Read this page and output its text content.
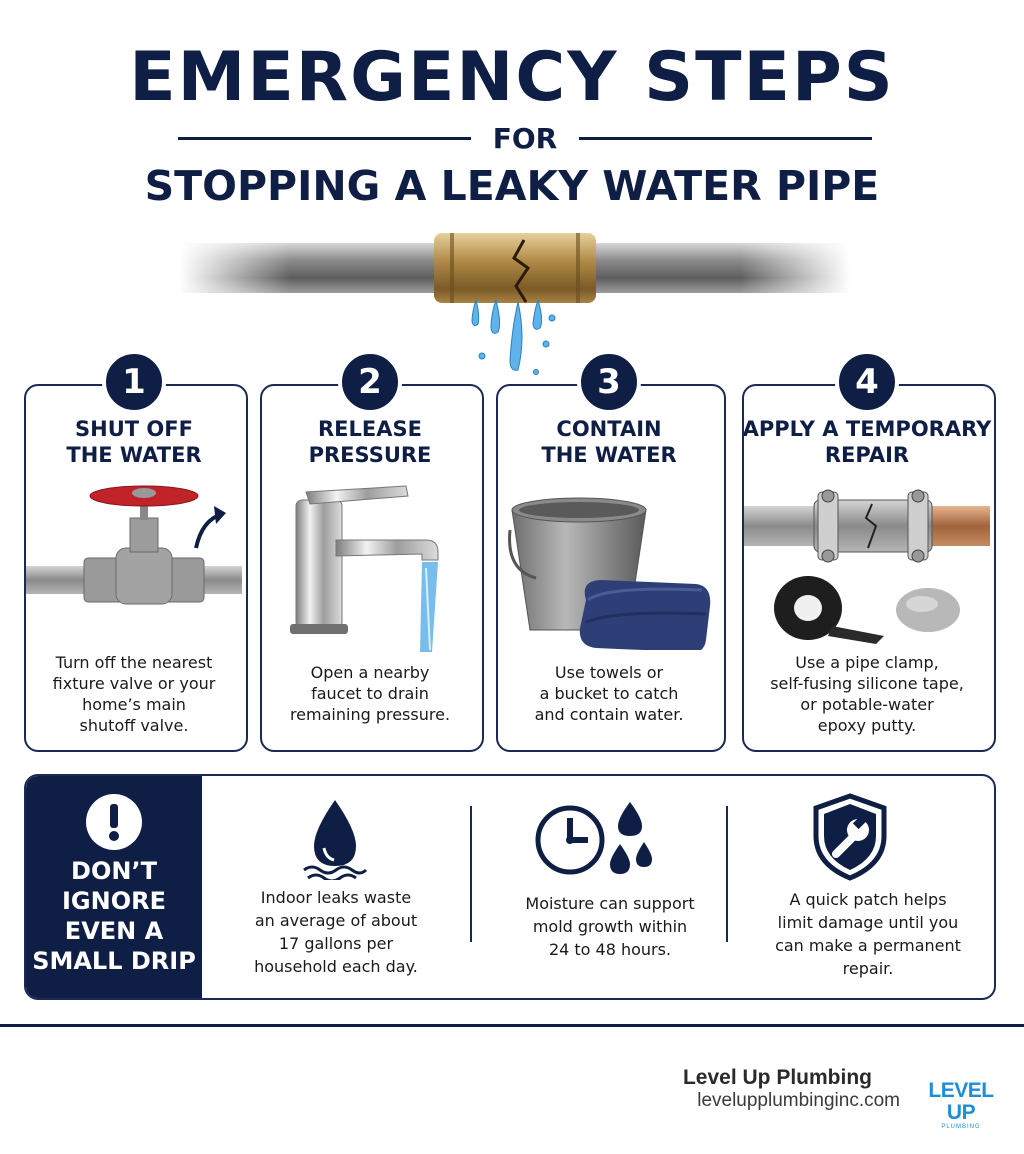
EMERGENCY STEPS
FOR
STOPPING A LEAKY WATER PIPE
1	2	3	4
SHUT OFF
THE WATER
RELEASE
PRESSURE
CONTAIN
THE WATER
APPLY A TEMPORARY
REPAIR
Turn off the nearest
fixture valve or your
home’s main
shutoff valve.
Open a nearby
faucet to drain
remaining pressure.
Use towels or
a bucket to catch
and contain water.
Use a pipe clamp,
self-fusing silicone tape,
or potable-water
epoxy putty.
DON’T
IGNORE
EVEN A
SMALL DRIP
Indoor leaks waste
an average of about
17 gallons per
household each day.
Moisture can support
mold growth within
24 to 48 hours.
A quick patch helps
limit damage until you
can make a permanent
repair.
Level Up Plumbing
levelupplumbinginc.com	LEVEL UP
PLUMBING
